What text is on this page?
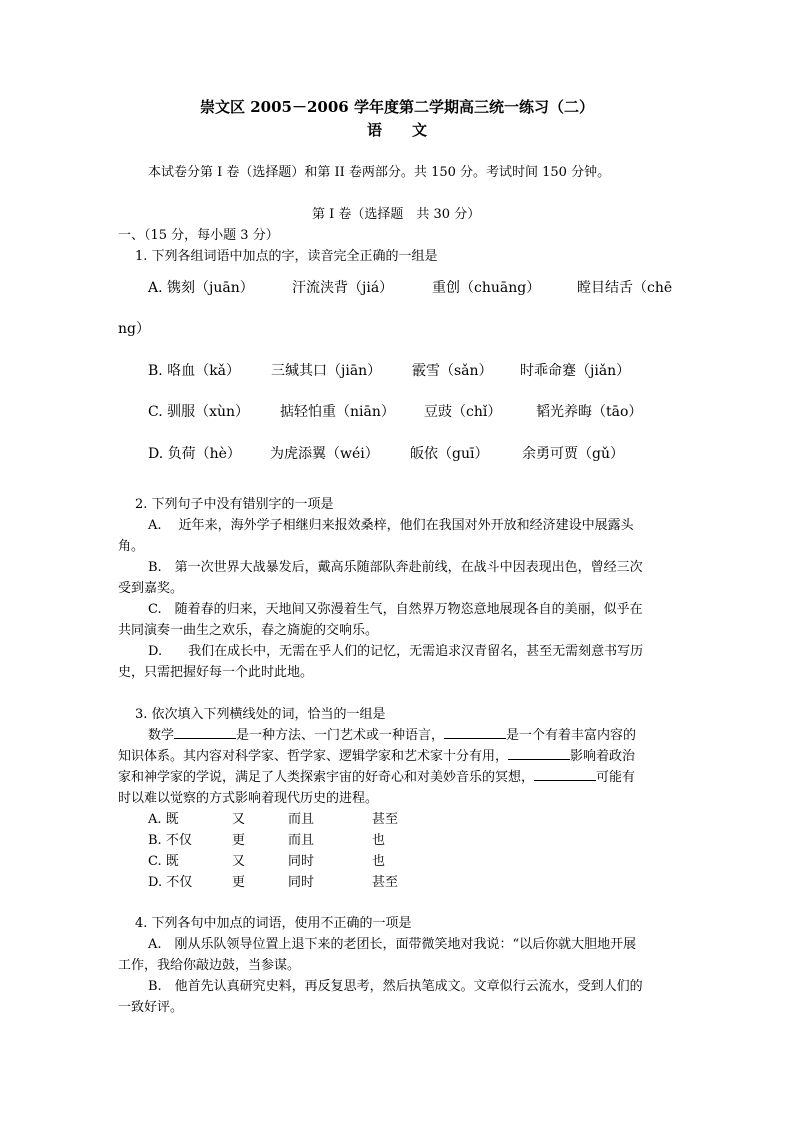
崇文区 2005－2006 学年度第二学期高三统一练习（二）
语　　文
本试卷分第 I 卷（选择题）和第 II 卷两部分。共 150 分。考试时间 150 分钟。
第 I 卷（选择题　共 30 分）
一、（15 分，每小题 3 分）
1. 下列各组词语中加点的字，读音完全正确的一组是
A. 镌刻（juān）	汗流浃背（jiá）	重创（chuāng）	瞠目结舌（chē
ng）
B. 咯血（kǎ） 三缄其口（jiān） 霰雪（sǎn） 时乖命蹇（jiǎn）
C. 驯服（xùn） 掂轻怕重（niān） 豆豉（chǐ） 韬光养晦（tāo）
D. 负荷（hè） 为虎添翼（wéi） 皈依（guī） 余勇可贾（gǔ）
2. 下列句子中没有错别字的一项是
A.　 近年来，海外学子相继归来报效桑梓，他们在我国对外开放和经济建设中展露头
角。
B.　第一次世界大战暴发后，戴高乐随部队奔赴前线，在战斗中因表现出色，曾经三次
受到嘉奖。
C.　随着春的归来，天地间又弥漫着生气，自然界万物恣意地展现各自的美丽，似乎在
共同演奏一曲生之欢乐，春之旖旎的交响乐。
D.　　我们在成长中，无需在乎人们的记忆，无需追求汉青留名，甚至无需刻意书写历
史，只需把握好每一个此时此地。
3. 依次填入下列横线处的词，恰当的一组是
数学	是一种方法、一门艺术或一种语言，	是一个有着丰富内容的
知识体系。其内容对科学家、哲学家、逻辑学家和艺术家十分有用，	影响着政治
家和神学家的学说，满足了人类探索宇宙的好奇心和对美妙音乐的冥想，	可能有
时以难以觉察的方式影响着现代历史的进程。
A. 既	又	而且	甚至
B. 不仅	更	而且	也
C. 既	又	同时	也
D. 不仅	更	同时	甚至
4. 下列各句中加点的词语，使用不正确的一项是
A.　刚从乐队领导位置上退下来的老团长，面带微笑地对我说：“以后你就大胆地开展
工作，我给你敲边鼓，当参谋。
B.　他首先认真研究史料，再反复思考，然后执笔成文。文章似行云流水，受到人们的
一致好评。
